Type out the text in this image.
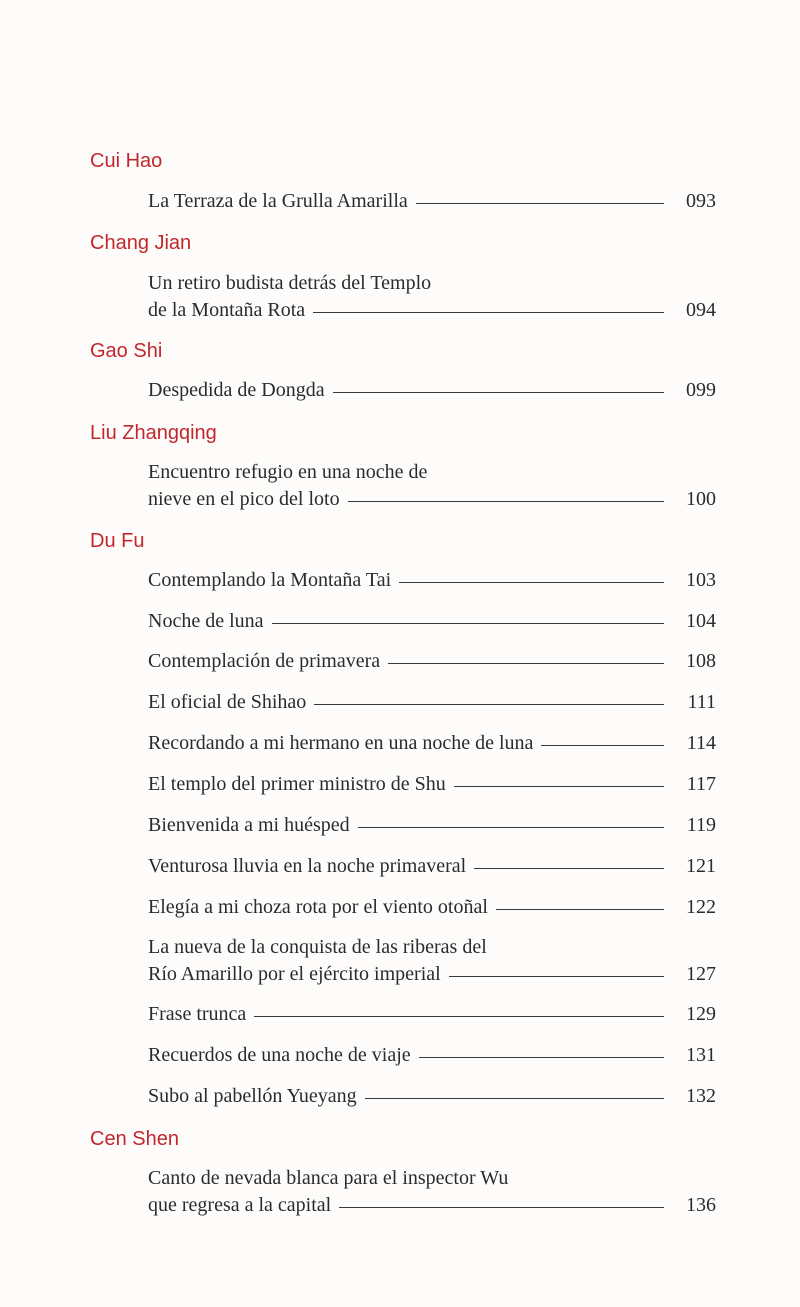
Cui Hao
La Terraza de la Grulla Amarilla	093
Chang Jian
Un retiro budista detrás del Templo
de la Montaña Rota	094
Gao Shi
Despedida de Dongda	099
Liu Zhangqing
Encuentro refugio en una noche de
nieve en el pico del loto	100
Du Fu
Contemplando la Montaña Tai	103
Noche de luna	104
Contemplación de primavera	108
El oficial de Shihao	111
Recordando a mi hermano en una noche de luna	114
El templo del primer ministro de Shu	117
Bienvenida a mi huésped	119
Venturosa lluvia en la noche primaveral	121
Elegía a mi choza rota por el viento otoñal	122
La nueva de la conquista de las riberas del
Río Amarillo por el ejército imperial	127
Frase trunca	129
Recuerdos de una noche de viaje	131
Subo al pabellón Yueyang	132
Cen Shen
Canto de nevada blanca para el inspector Wu
que regresa a la capital	136
